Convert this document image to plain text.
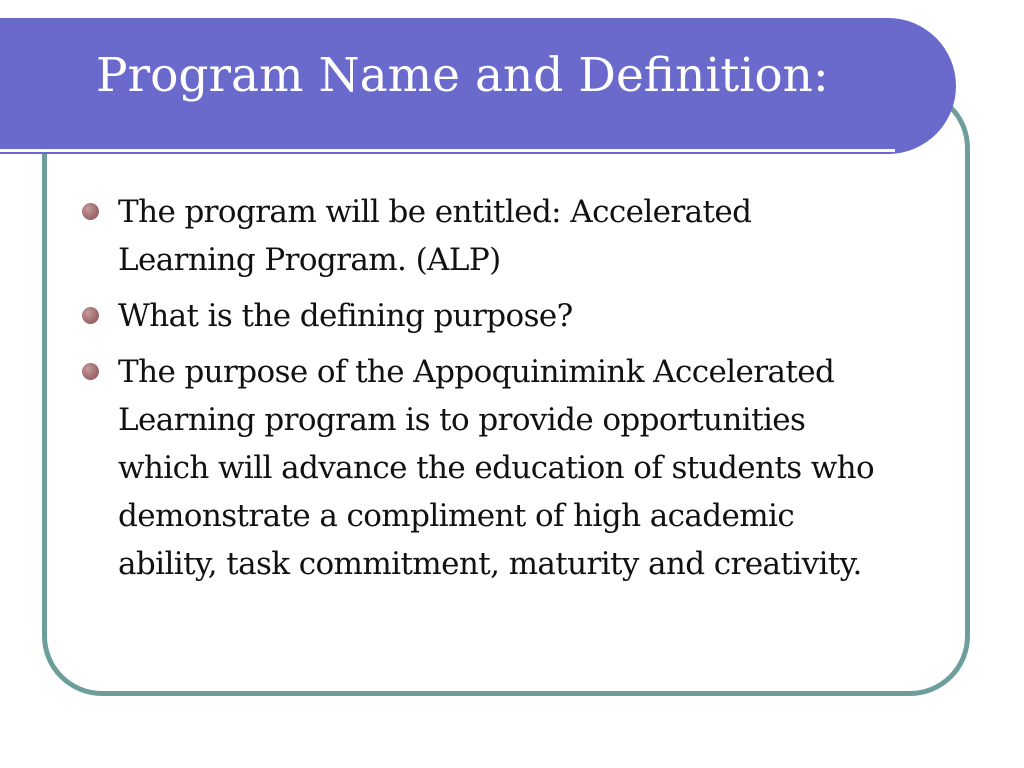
Program Name and Definition:
The program will be entitled: Accelerated
Learning Program. (ALP)
What is the defining purpose?
The purpose of the Appoquinimink Accelerated
Learning program is to provide opportunities
which will advance the education of students who
demonstrate a compliment of high academic
ability, task commitment, maturity and creativity.
